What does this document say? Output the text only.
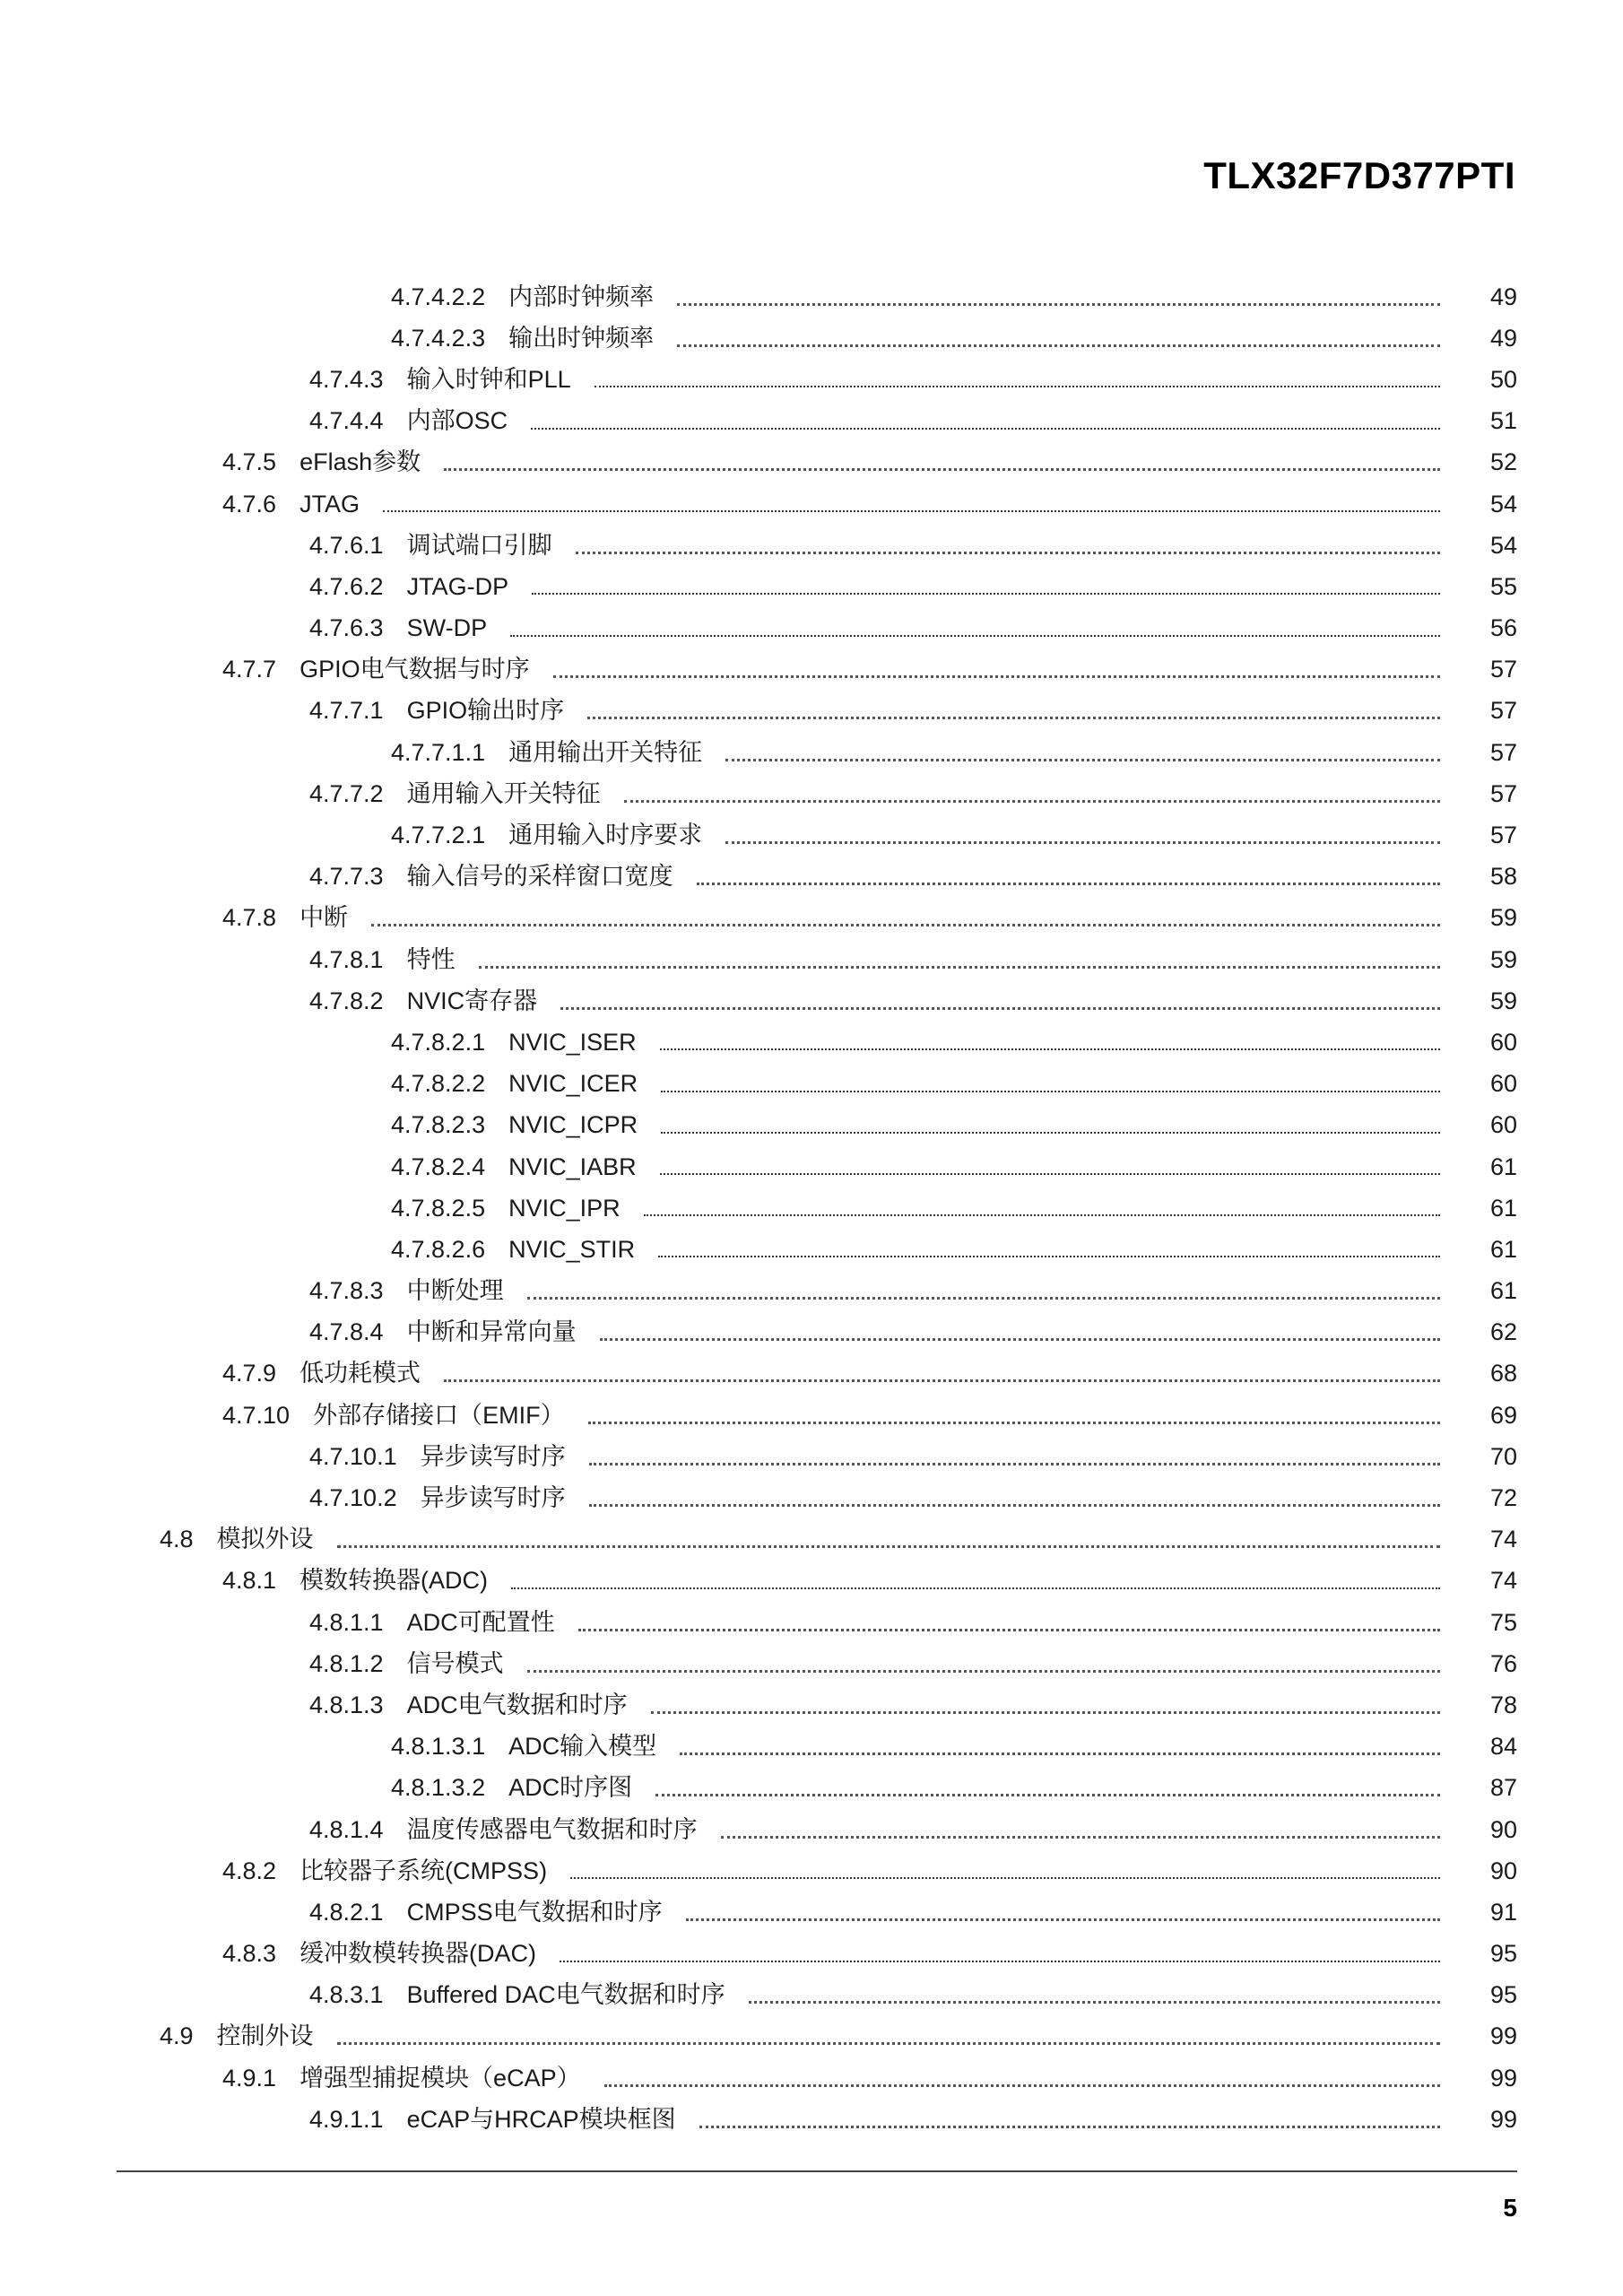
TLX32F7D377PTI
4.7.4.2.2 内部时钟频率	49
4.7.4.2.3 输出时钟频率	49
4.7.4.3 输入时钟和PLL	50
4.7.4.4 内部OSC	51
4.7.5 eFlash参数	52
4.7.6 JTAG	54
4.7.6.1 调试端口引脚	54
4.7.6.2 JTAG-DP	55
4.7.6.3 SW-DP	56
4.7.7 GPIO电气数据与时序	57
4.7.7.1 GPIO输出时序	57
4.7.7.1.1 通用输出开关特征	57
4.7.7.2 通用输入开关特征	57
4.7.7.2.1 通用输入时序要求	57
4.7.7.3 输入信号的采样窗口宽度	58
4.7.8 中断	59
4.7.8.1 特性	59
4.7.8.2 NVIC寄存器	59
4.7.8.2.1 NVIC_ISER	60
4.7.8.2.2 NVIC_ICER	60
4.7.8.2.3 NVIC_ICPR	60
4.7.8.2.4 NVIC_IABR	61
4.7.8.2.5 NVIC_IPR	61
4.7.8.2.6 NVIC_STIR	61
4.7.8.3 中断处理	61
4.7.8.4 中断和异常向量	62
4.7.9 低功耗模式	68
4.7.10 外部存储接口（EMIF）	69
4.7.10.1 异步读写时序	70
4.7.10.2 异步读写时序	72
4.8 模拟外设	74
4.8.1 模数转换器(ADC)	74
4.8.1.1 ADC可配置性	75
4.8.1.2 信号模式	76
4.8.1.3 ADC电气数据和时序	78
4.8.1.3.1 ADC输入模型	84
4.8.1.3.2 ADC时序图	87
4.8.1.4 温度传感器电气数据和时序	90
4.8.2 比较器子系统(CMPSS)	90
4.8.2.1 CMPSS电气数据和时序	91
4.8.3 缓冲数模转换器(DAC)	95
4.8.3.1 Buffered DAC电气数据和时序	95
4.9 控制外设	99
4.9.1 增强型捕捉模块（eCAP）	99
4.9.1.1 eCAP与HRCAP模块框图	99
5
